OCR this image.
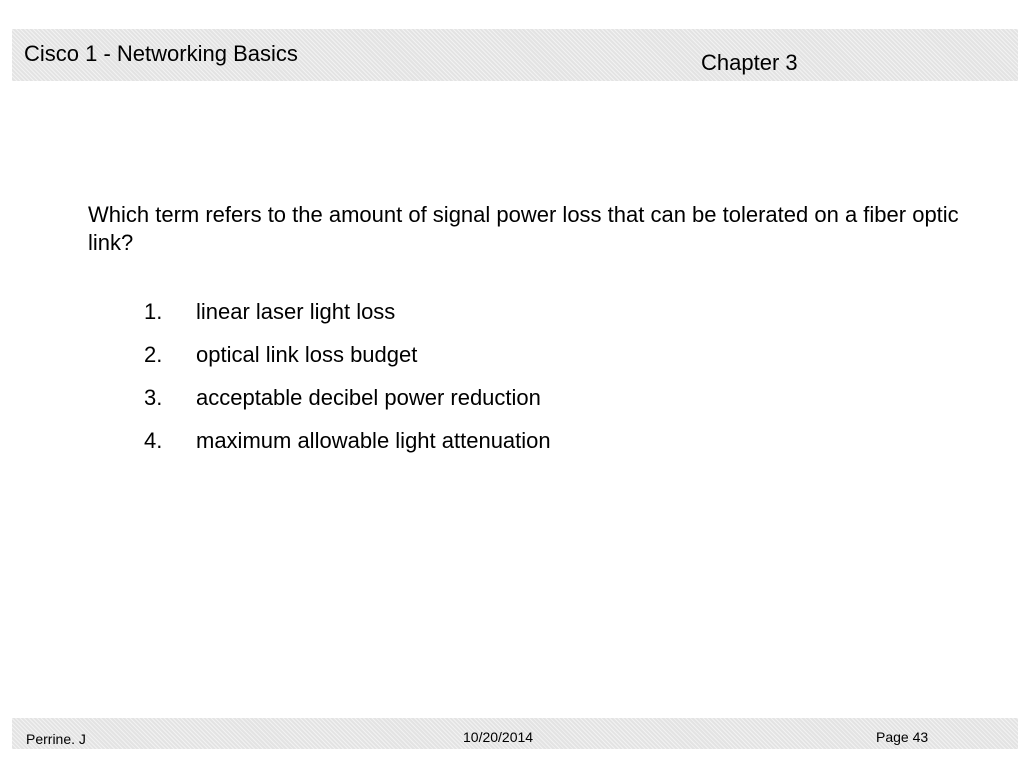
Cisco 1 - Networking Basics	Chapter 3
Which term refers to the amount of signal power loss that can be tolerated on a fiber optic link?
1. linear laser light loss
2. optical link loss budget
3. acceptable decibel power reduction
4. maximum allowable light attenuation
Perrine. J	10/20/2014	Page 43
